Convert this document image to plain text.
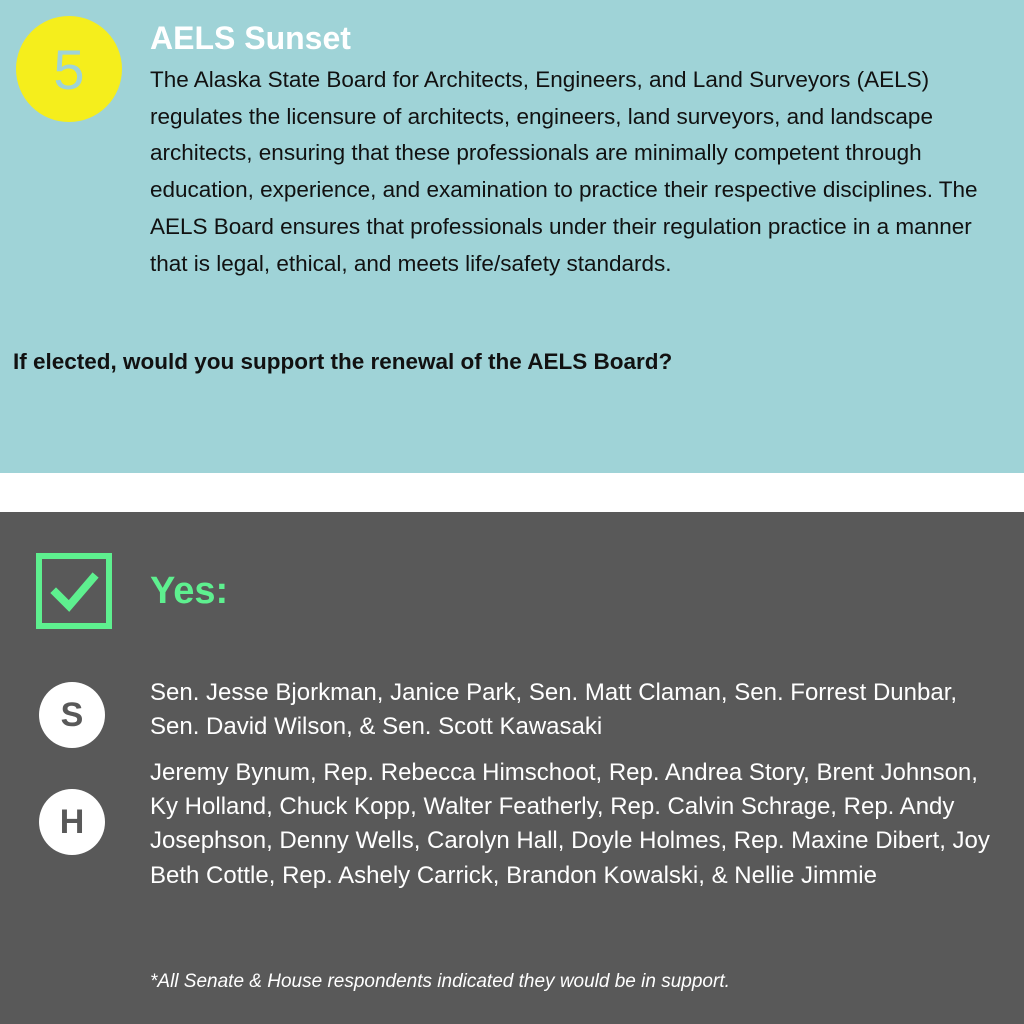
5	AELS Sunset

The Alaska State Board for Architects, Engineers, and Land Surveyors (AELS) regulates the licensure of architects, engineers, land surveyors, and landscape architects, ensuring that these professionals are minimally competent through education, experience, and examination to practice their respective disciplines. The AELS Board ensures that professionals under their regulation practice in a manner that is legal, ethical, and meets life/safety standards.

If elected, would you support the renewal of the AELS Board?

Yes:
S

Sen. Jesse Bjorkman, Janice Park, Sen. Matt Claman, Sen. Forrest Dunbar, Sen. David Wilson, & Sen. Scott Kawasaki

H

Jeremy Bynum, Rep. Rebecca Himschoot, Rep. Andrea Story, Brent Johnson, Ky Holland, Chuck Kopp, Walter Featherly, Rep. Calvin Schrage, Rep. Andy Josephson, Denny Wells, Carolyn Hall, Doyle Holmes, Rep. Maxine Dibert, Joy Beth Cottle, Rep. Ashely Carrick, Brandon Kowalski, & Nellie Jimmie

*All Senate & House respondents indicated they would be in support.
